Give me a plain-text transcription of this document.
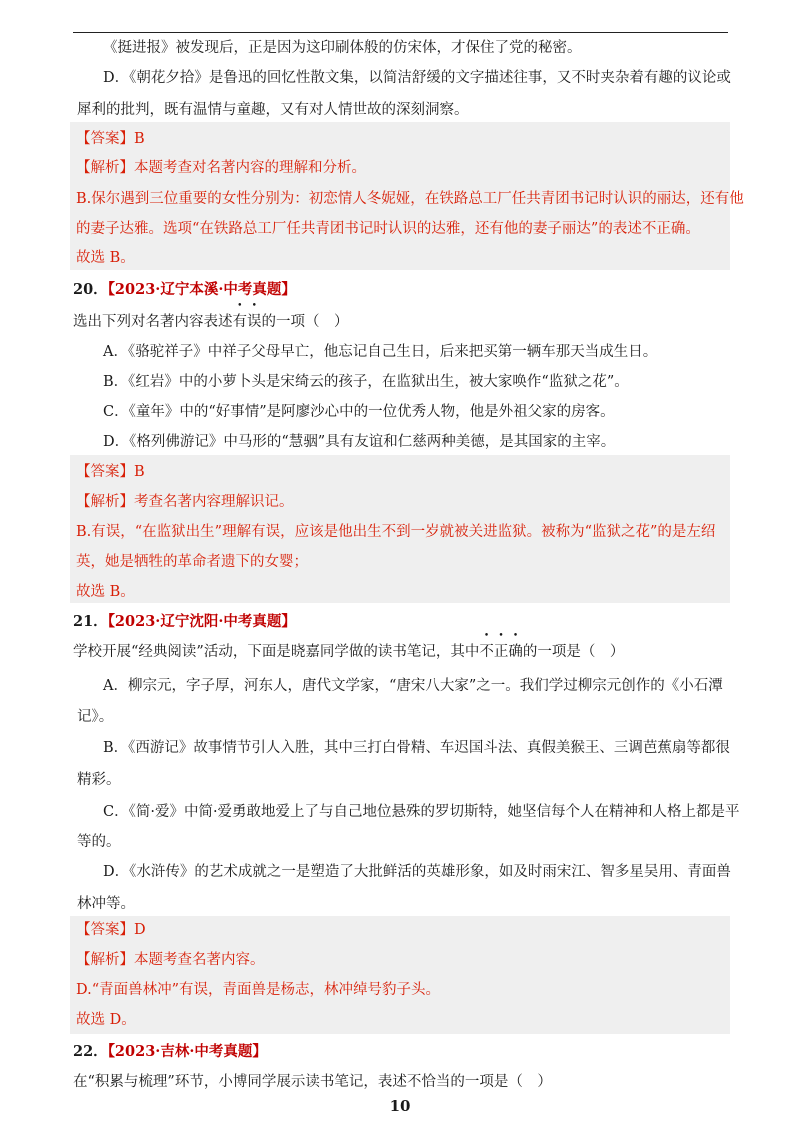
《挺进报》被发现后，正是因为这印刷体般的仿宋体，才保住了党的秘密。
D．《朝花夕拾》是鲁迅的回忆性散文集，以简洁舒缓的文字描述往事，又不时夹杂着有趣的议论或
犀利的批判，既有温情与童趣，又有对人情世故的深刻洞察。
【答案】B
【解析】本题考查对名著内容的理解和分析。
B.保尔遇到三位重要的女性分别为：初恋情人冬妮娅，在铁路总工厂任共青团书记时认识的丽达，还有他
的妻子达雅。选项“在铁路总工厂任共青团书记时认识的达雅，还有他的妻子丽达”的表述不正确。
故选 B。
20．【2023·辽宁本溪·中考真题】
选出下列对名著内容表述有误的一项（　）
A．《骆驼祥子》中祥子父母早亡，他忘记自己生日，后来把买第一辆车那天当成生日。
B．《红岩》中的小萝卜头是宋绮云的孩子，在监狱出生，被大家唤作“监狱之花”。
C．《童年》中的“好事情”是阿廖沙心中的一位优秀人物，他是外祖父家的房客。
D．《格列佛游记》中马形的“慧骃”具有友谊和仁慈两种美德，是其国家的主宰。
【答案】B
【解析】考查名著内容理解识记。
B.有误，“在监狱出生”理解有误，应该是他出生不到一岁就被关进监狱。被称为“监狱之花”的是左绍
英，她是牺牲的革命者遗下的女婴；
故选 B。
21．【2023·辽宁沈阳·中考真题】
学校开展“经典阅读”活动，下面是晓嘉同学做的读书笔记，其中不正确的一项是（　）
A．柳宗元，字子厚，河东人，唐代文学家，“唐宋八大家”之一。我们学过柳宗元创作的《小石潭
记》。
B．《西游记》故事情节引人入胜，其中三打白骨精、车迟国斗法、真假美猴王、三调芭蕉扇等都很
精彩。
C．《简·爱》中简·爱勇敢地爱上了与自己地位悬殊的罗切斯特，她坚信每个人在精神和人格上都是平
等的。
D．《水浒传》的艺术成就之一是塑造了大批鲜活的英雄形象，如及时雨宋江、智多星吴用、青面兽
林冲等。
【答案】D
【解析】本题考查名著内容。
D.“青面兽林冲”有误，青面兽是杨志，林冲绰号豹子头。
故选 D。
22．【2023·吉林·中考真题】
在“积累与梳理”环节，小博同学展示读书笔记，表述不恰当的一项是（　）
10
